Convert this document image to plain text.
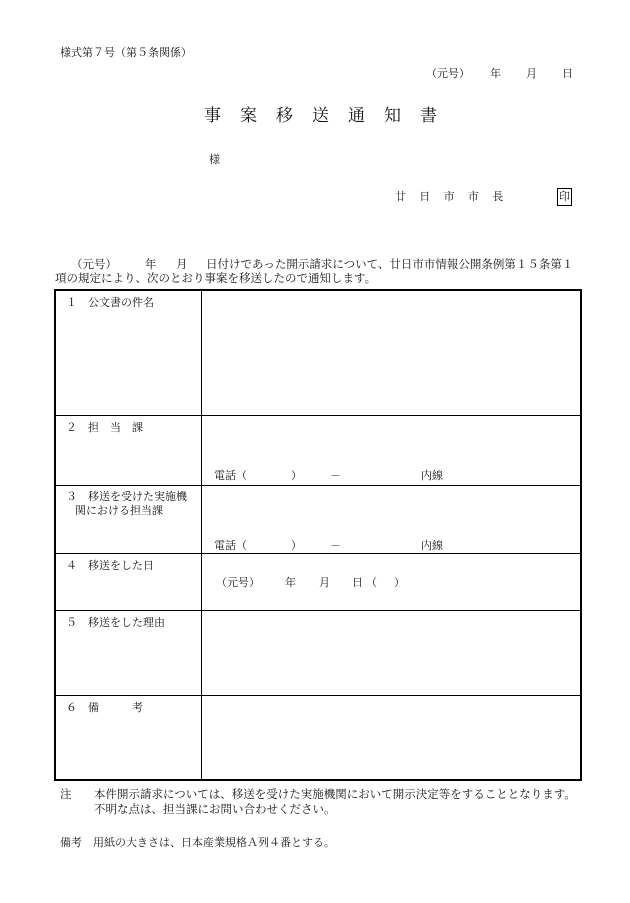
様式第７号（第５条関係）
（元号） 年 月 日
事案移送通知書
様
廿日市市長	印
（元号） 年 月 日付けであった開示請求について、廿日市市情報公開条例第１５条第１
項の規定により、次のとおり事案を移送したので通知します。
１　公文書の件名
２　担　当　課
電話（	）	－	内線
３　移送を受けた実施機
関における担当課
電話（	）	－	内線
４　移送をした日
（元号） 年 月 日 （ ）
５　移送をした理由
６　備　　　考
注 本件開示請求については、移送を受けた実施機関において開示決定等をすることとなります。
不明な点は、担当課にお問い合わせください。
備考 用紙の大きさは、日本産業規格Ａ列４番とする。
